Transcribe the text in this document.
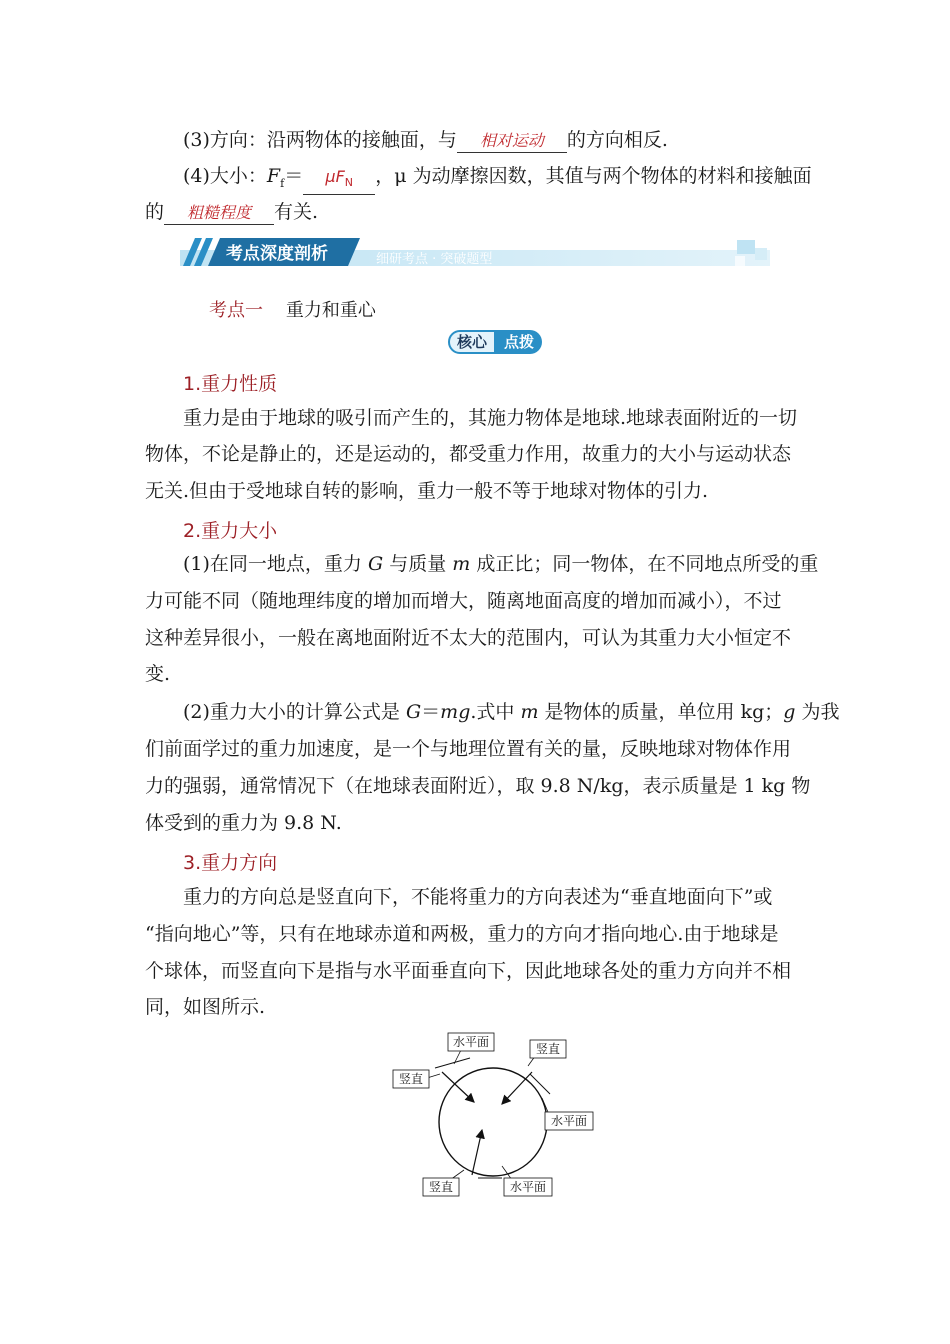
(3)方向：沿两物体的接触面，与 相对运动 的方向相反.
(4)大小：$F_f= \mu F_N$ ，μ 为动摩擦因数，其值与两个物体的材料和接触面
的 粗糙程度 有关.
考点深度剖析	细研考点 · 突破题型
考点一 重力和重心
核心	点拨
1.重力性质
重力是由于地球的吸引而产生的，其施力物体是地球.地球表面附近的一切
物体，不论是静止的，还是运动的，都受重力作用，故重力的大小与运动状态
无关.但由于受地球自转的影响，重力一般不等于地球对物体的引力.
2.重力大小
(1)在同一地点，重力 G 与质量 m 成正比；同一物体，在不同地点所受的重
力可能不同（随地理纬度的增加而增大，随离地面高度的增加而减小），不过
这种差异很小，一般在离地面附近不太大的范围内，可认为其重力大小恒定不
变.
(2)重力大小的计算公式是 G＝mg.式中 m 是物体的质量，单位用 kg；g 为我
们前面学过的重力加速度，是一个与地理位置有关的量，反映地球对物体作用
力的强弱，通常情况下（在地球表面附近），取 9.8 N/kg，表示质量是 1 kg 物
体受到的重力为 9.8 N.
3.重力方向
重力的方向总是竖直向下，不能将重力的方向表述为“垂直地面向下”或
“指向地心”等，只有在地球赤道和两极，重力的方向才指向地心.由于地球是
个球体，而竖直向下是指与水平面垂直向下，因此地球各处的重力方向并不相
同，如图所示.
水平面	竖直
竖直
水平面
竖直	水平面
